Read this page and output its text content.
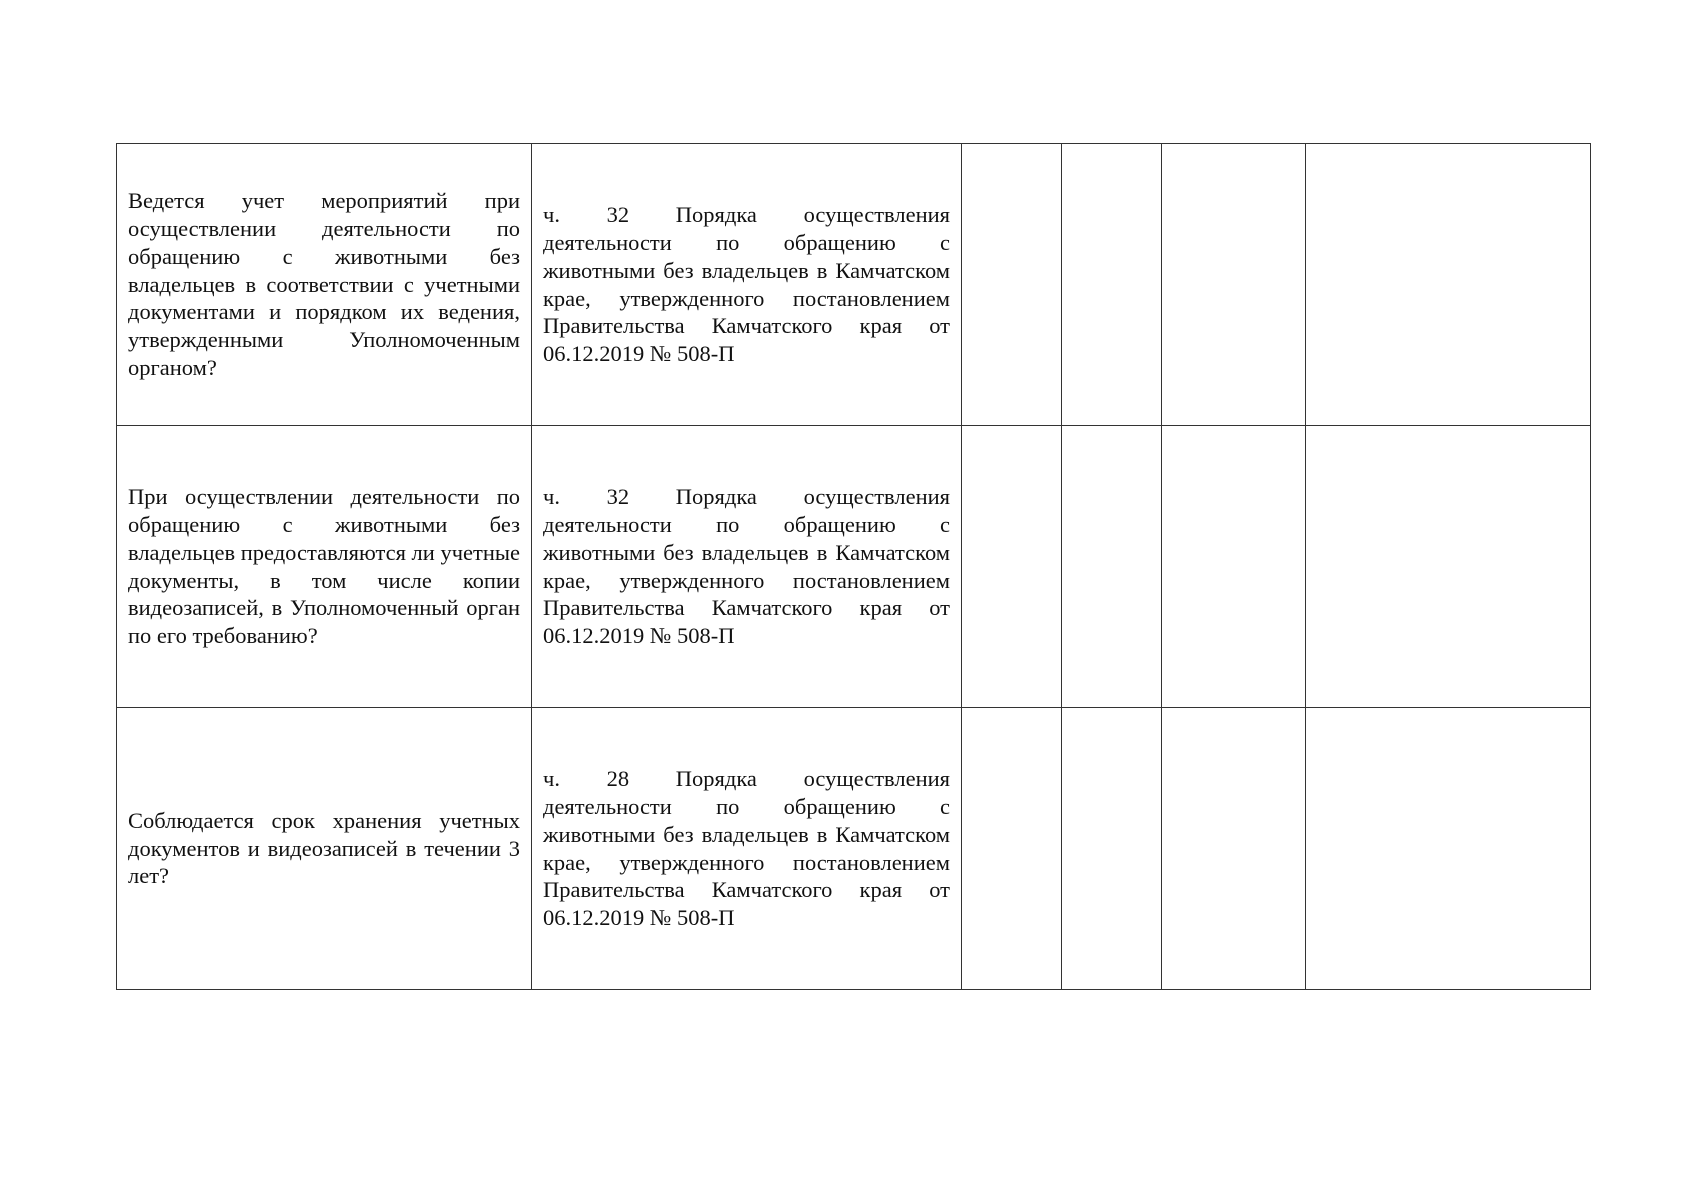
Ведется учет мероприятий при осуществлении деятельности по обращению с животными без владельцев в соответствии с учетными документами и порядком их ведения, утвержденными Уполномоченным органом?	ч. 32 Порядка осуществления деятельности по обращению с животными без владельцев в Камчатском крае, утвержденного постановлением Правительства Камчатского края от 06.12.2019 № 508-П				

При осуществлении деятельности по обращению с животными без владельцев предоставляются ли учетные документы, в том числе копии видеозаписей, в Уполномоченный орган по его требованию?	ч. 32 Порядка осуществления деятельности по обращению с животными без владельцев в Камчатском крае, утвержденного постановлением Правительства Камчатского края от 06.12.2019 № 508-П				

Соблюдается срок хранения учетных документов и видеозаписей в течении 3 лет?	ч. 28 Порядка осуществления деятельности по обращению с животными без владельцев в Камчатском крае, утвержденного постановлением Правительства Камчатского края от 06.12.2019 № 508-П				
